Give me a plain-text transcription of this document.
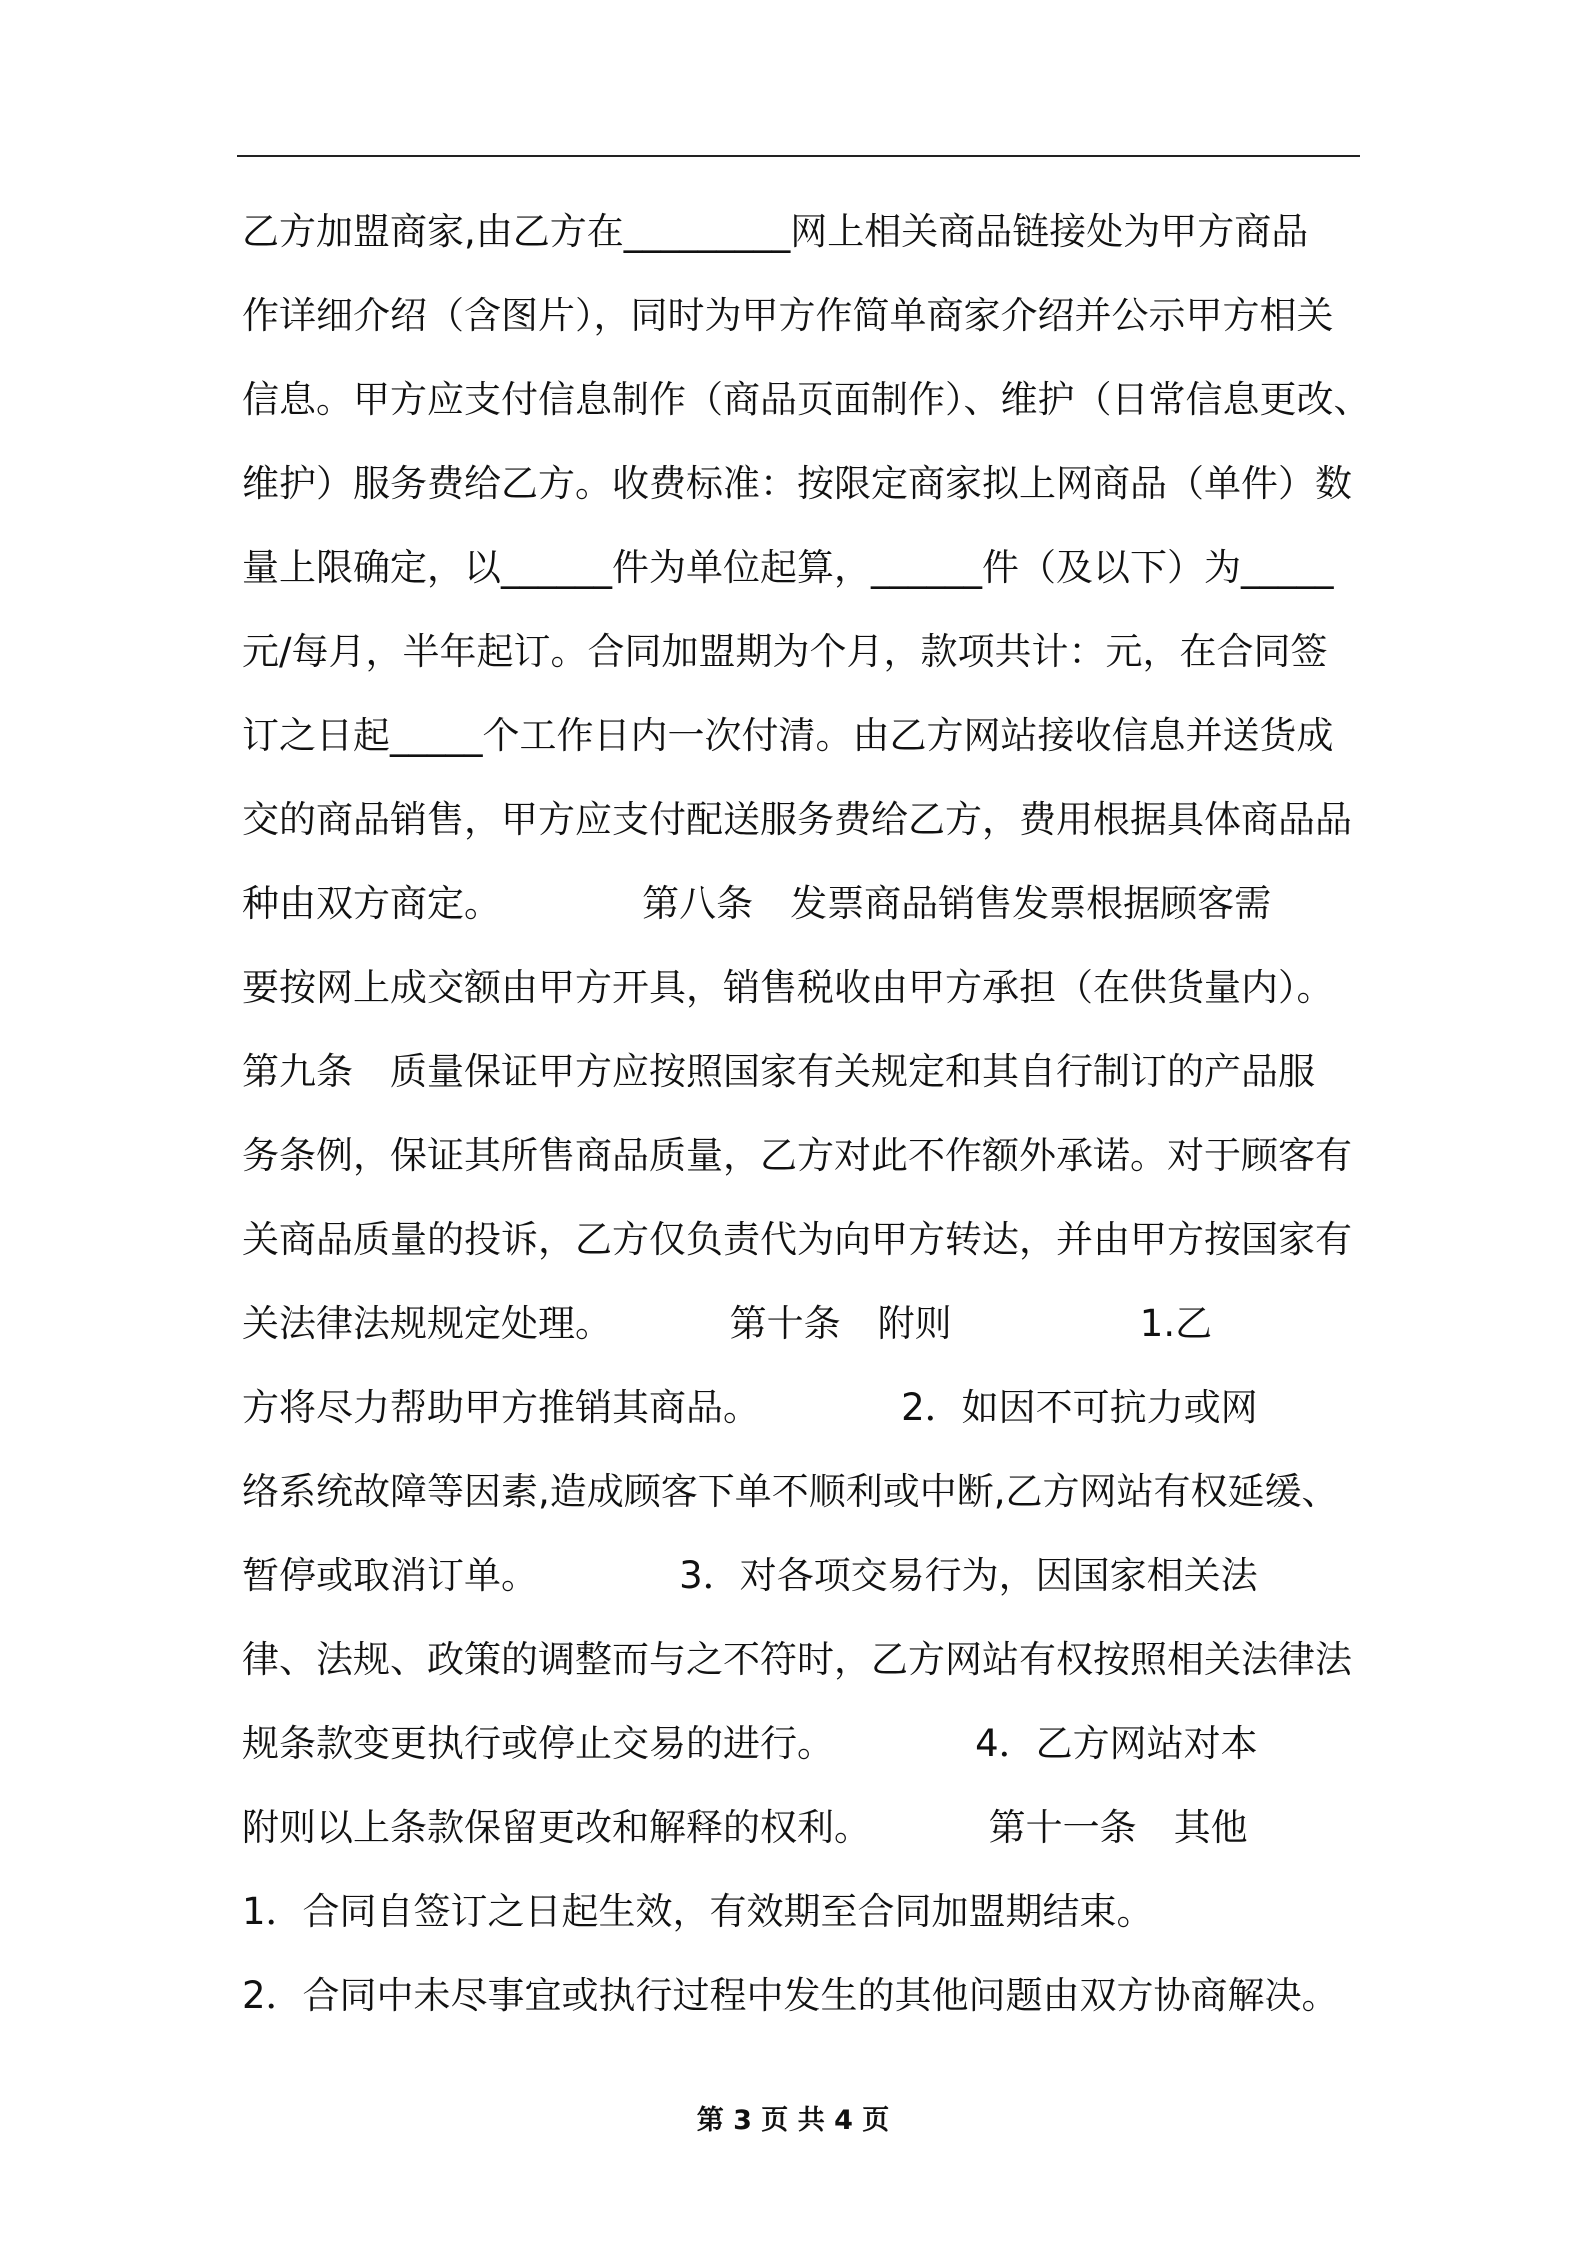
乙方加盟商家,由乙方在_________网上相关商品链接处为甲方商品
作详细介绍（含图片），同时为甲方作简单商家介绍并公示甲方相关
信息。甲方应支付信息制作（商品页面制作）、维护（日常信息更改、
维护）服务费给乙方。收费标准：按限定商家拟上网商品（单件）数
量上限确定，以______件为单位起算，______件（及以下）为_____
元/每月，半年起订。合同加盟期为个月，款项共计：元，在合同签
订之日起_____个工作日内一次付清。由乙方网站接收信息并送货成
交的商品销售，甲方应支付配送服务费给乙方，费用根据具体商品品
种由双方商定。            第八条　发票商品销售发票根据顾客需
要按网上成交额由甲方开具，销售税收由甲方承担（在供货量内）。
第九条　质量保证甲方应按照国家有关规定和其自行制订的产品服
务条例，保证其所售商品质量，乙方对此不作额外承诺。对于顾客有
关商品质量的投诉，乙方仅负责代为向甲方转达，并由甲方按国家有
关法律法规规定处理。          第十条　附则                1.乙
方将尽力帮助甲方推销其商品。            2．如因不可抗力或网
络系统故障等因素,造成顾客下单不顺利或中断,乙方网站有权延缓、
暂停或取消订单。            3．对各项交易行为，因国家相关法
律、法规、政策的调整而与之不符时，乙方网站有权按照相关法律法
规条款变更执行或停止交易的进行。            4．乙方网站对本
附则以上条款保留更改和解释的权利。          第十一条　其他
1．合同自签订之日起生效，有效期至合同加盟期结束。
2．合同中未尽事宜或执行过程中发生的其他问题由双方协商解决。
第 3 页 共 4 页
